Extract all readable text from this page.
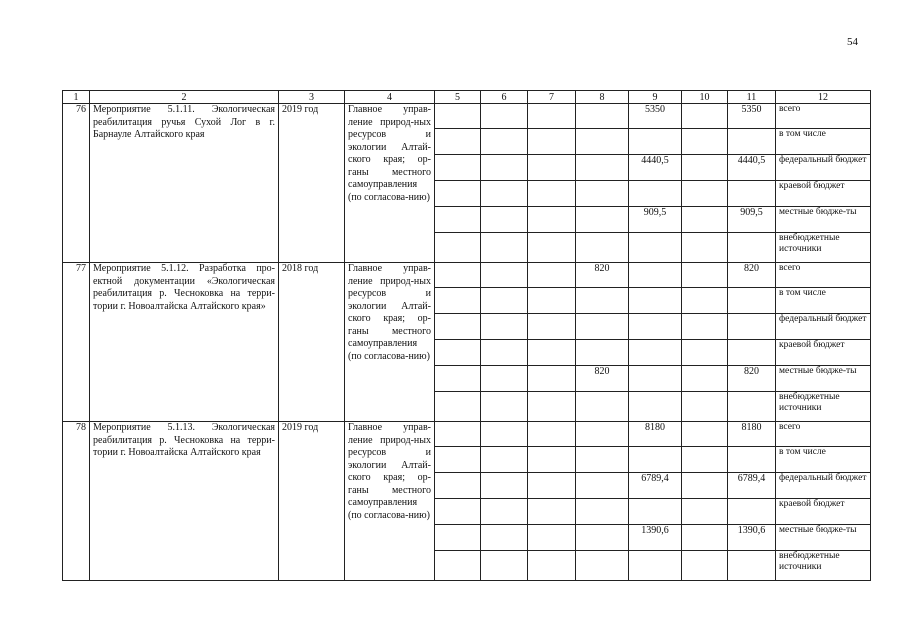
54
1	2	3	4	5	6	7	8	9	10	11	12
76	Мероприятие 5.1.11. Экологическая реабилитация ручья Сухой Лог в г. Барнауле Алтайского края	2019 год	Главное управ-ление природ-ных ресурсов и экологии Алтай-ского края; ор-ганы местного самоуправления (по согласова-нию)					5350		5350	всего
											в том числе
								4440,5		4440,5	федеральный бюджет
											краевой бюджет
								909,5		909,5	местные бюдже-ты
											внебюджетные источники
77	Мероприятие 5.1.12. Разработка про-ектной документации «Экологическая реабилитация р. Чесноковка на терри-тории г. Новоалтайска Алтайского края»	2018 год	Главное управ-ление природ-ных ресурсов и экологии Алтай-ского края; ор-ганы местного самоуправления (по согласова-нию)				820			820	всего
											в том числе
											федеральный бюджет
											краевой бюджет
							820			820	местные бюдже-ты
											внебюджетные источники
78	Мероприятие 5.1.13. Экологическая реабилитация р. Чесноковка на терри-тории г. Новоалтайска Алтайского края	2019 год	Главное управ-ление природ-ных ресурсов и экологии Алтай-ского края; ор-ганы местного самоуправления (по согласова-нию)					8180		8180	всего
											в том числе
								6789,4		6789,4	федеральный бюджет
											краевой бюджет
								1390,6		1390,6	местные бюдже-ты
											внебюджетные источники
